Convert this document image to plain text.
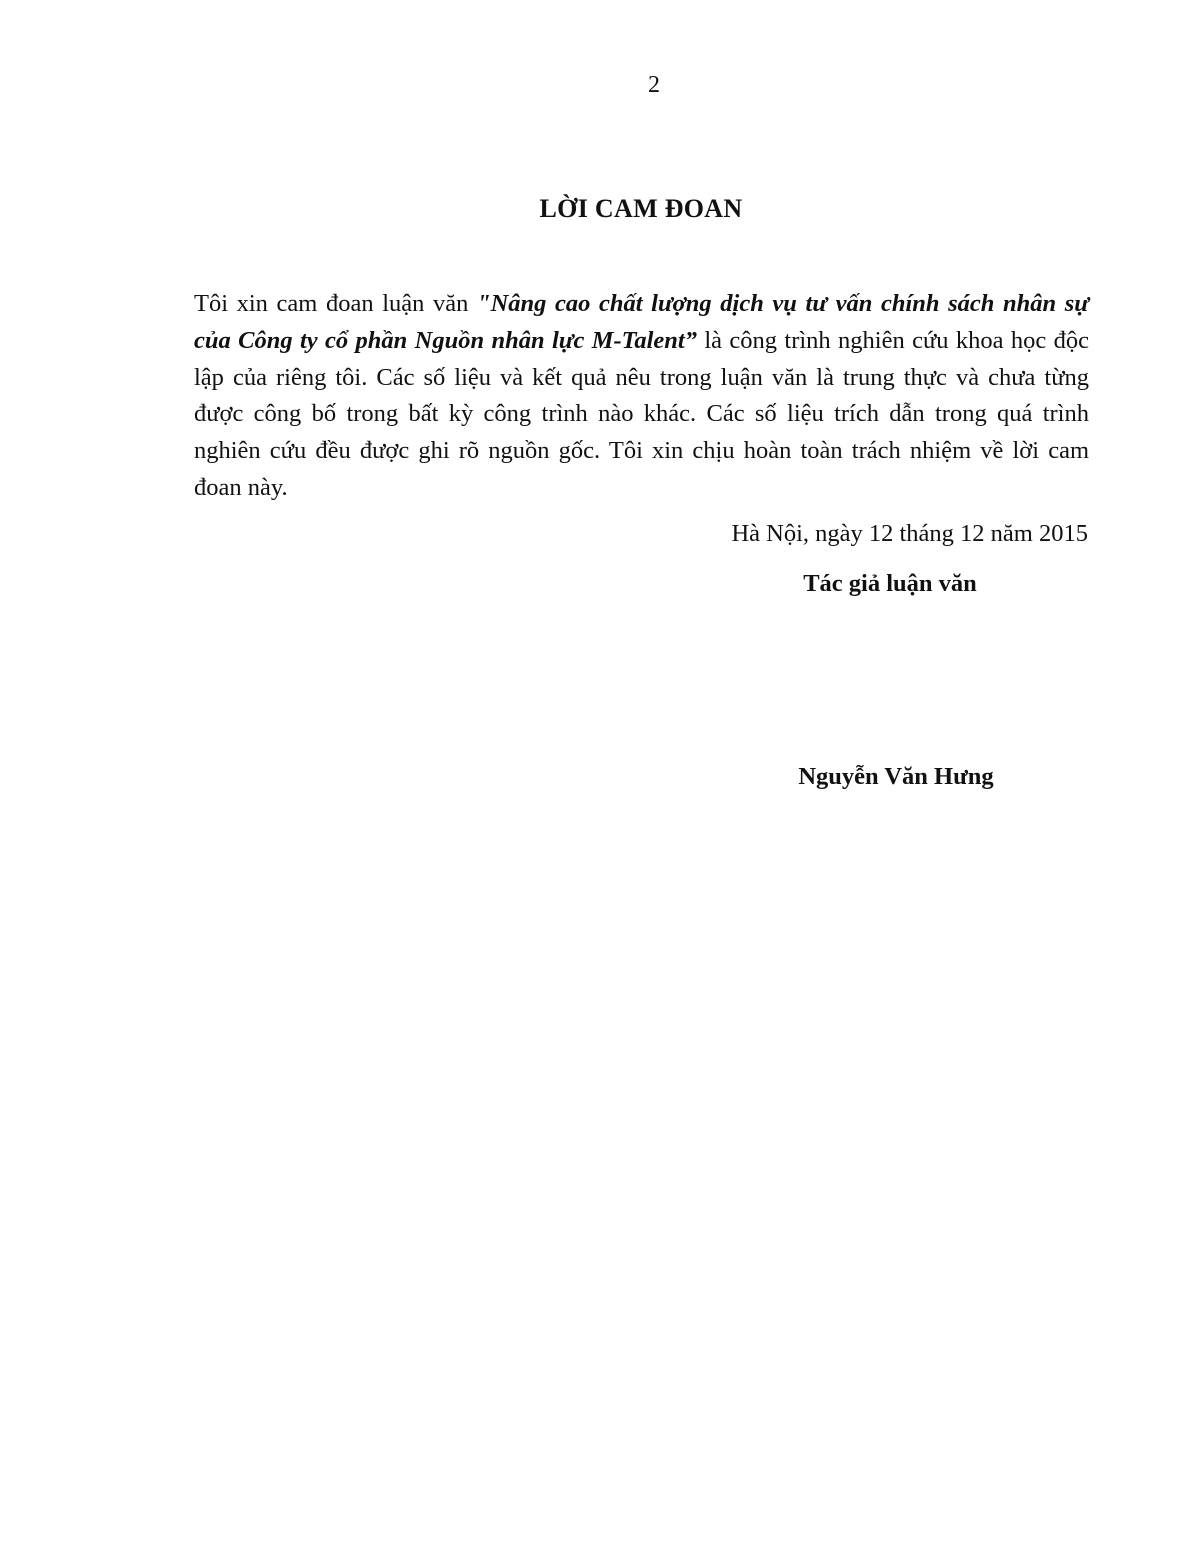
2
LỜI CAM ĐOAN
Tôi xin cam đoan luận văn "Nâng cao chất lượng dịch vụ tư vấn chính sách nhân sự của Công ty cổ phần Nguồn nhân lực M-Talent” là công trình nghiên cứu khoa học độc lập của riêng tôi. Các số liệu và kết quả nêu trong luận văn là trung thực và chưa từng được công bố trong bất kỳ công trình nào khác. Các số liệu trích dẫn trong quá trình nghiên cứu đều được ghi rõ nguồn gốc. Tôi xin chịu hoàn toàn trách nhiệm về lời cam đoan này.
Hà Nội, ngày 12 tháng 12 năm 2015
Tác giả luận văn
Nguyễn Văn Hưng
